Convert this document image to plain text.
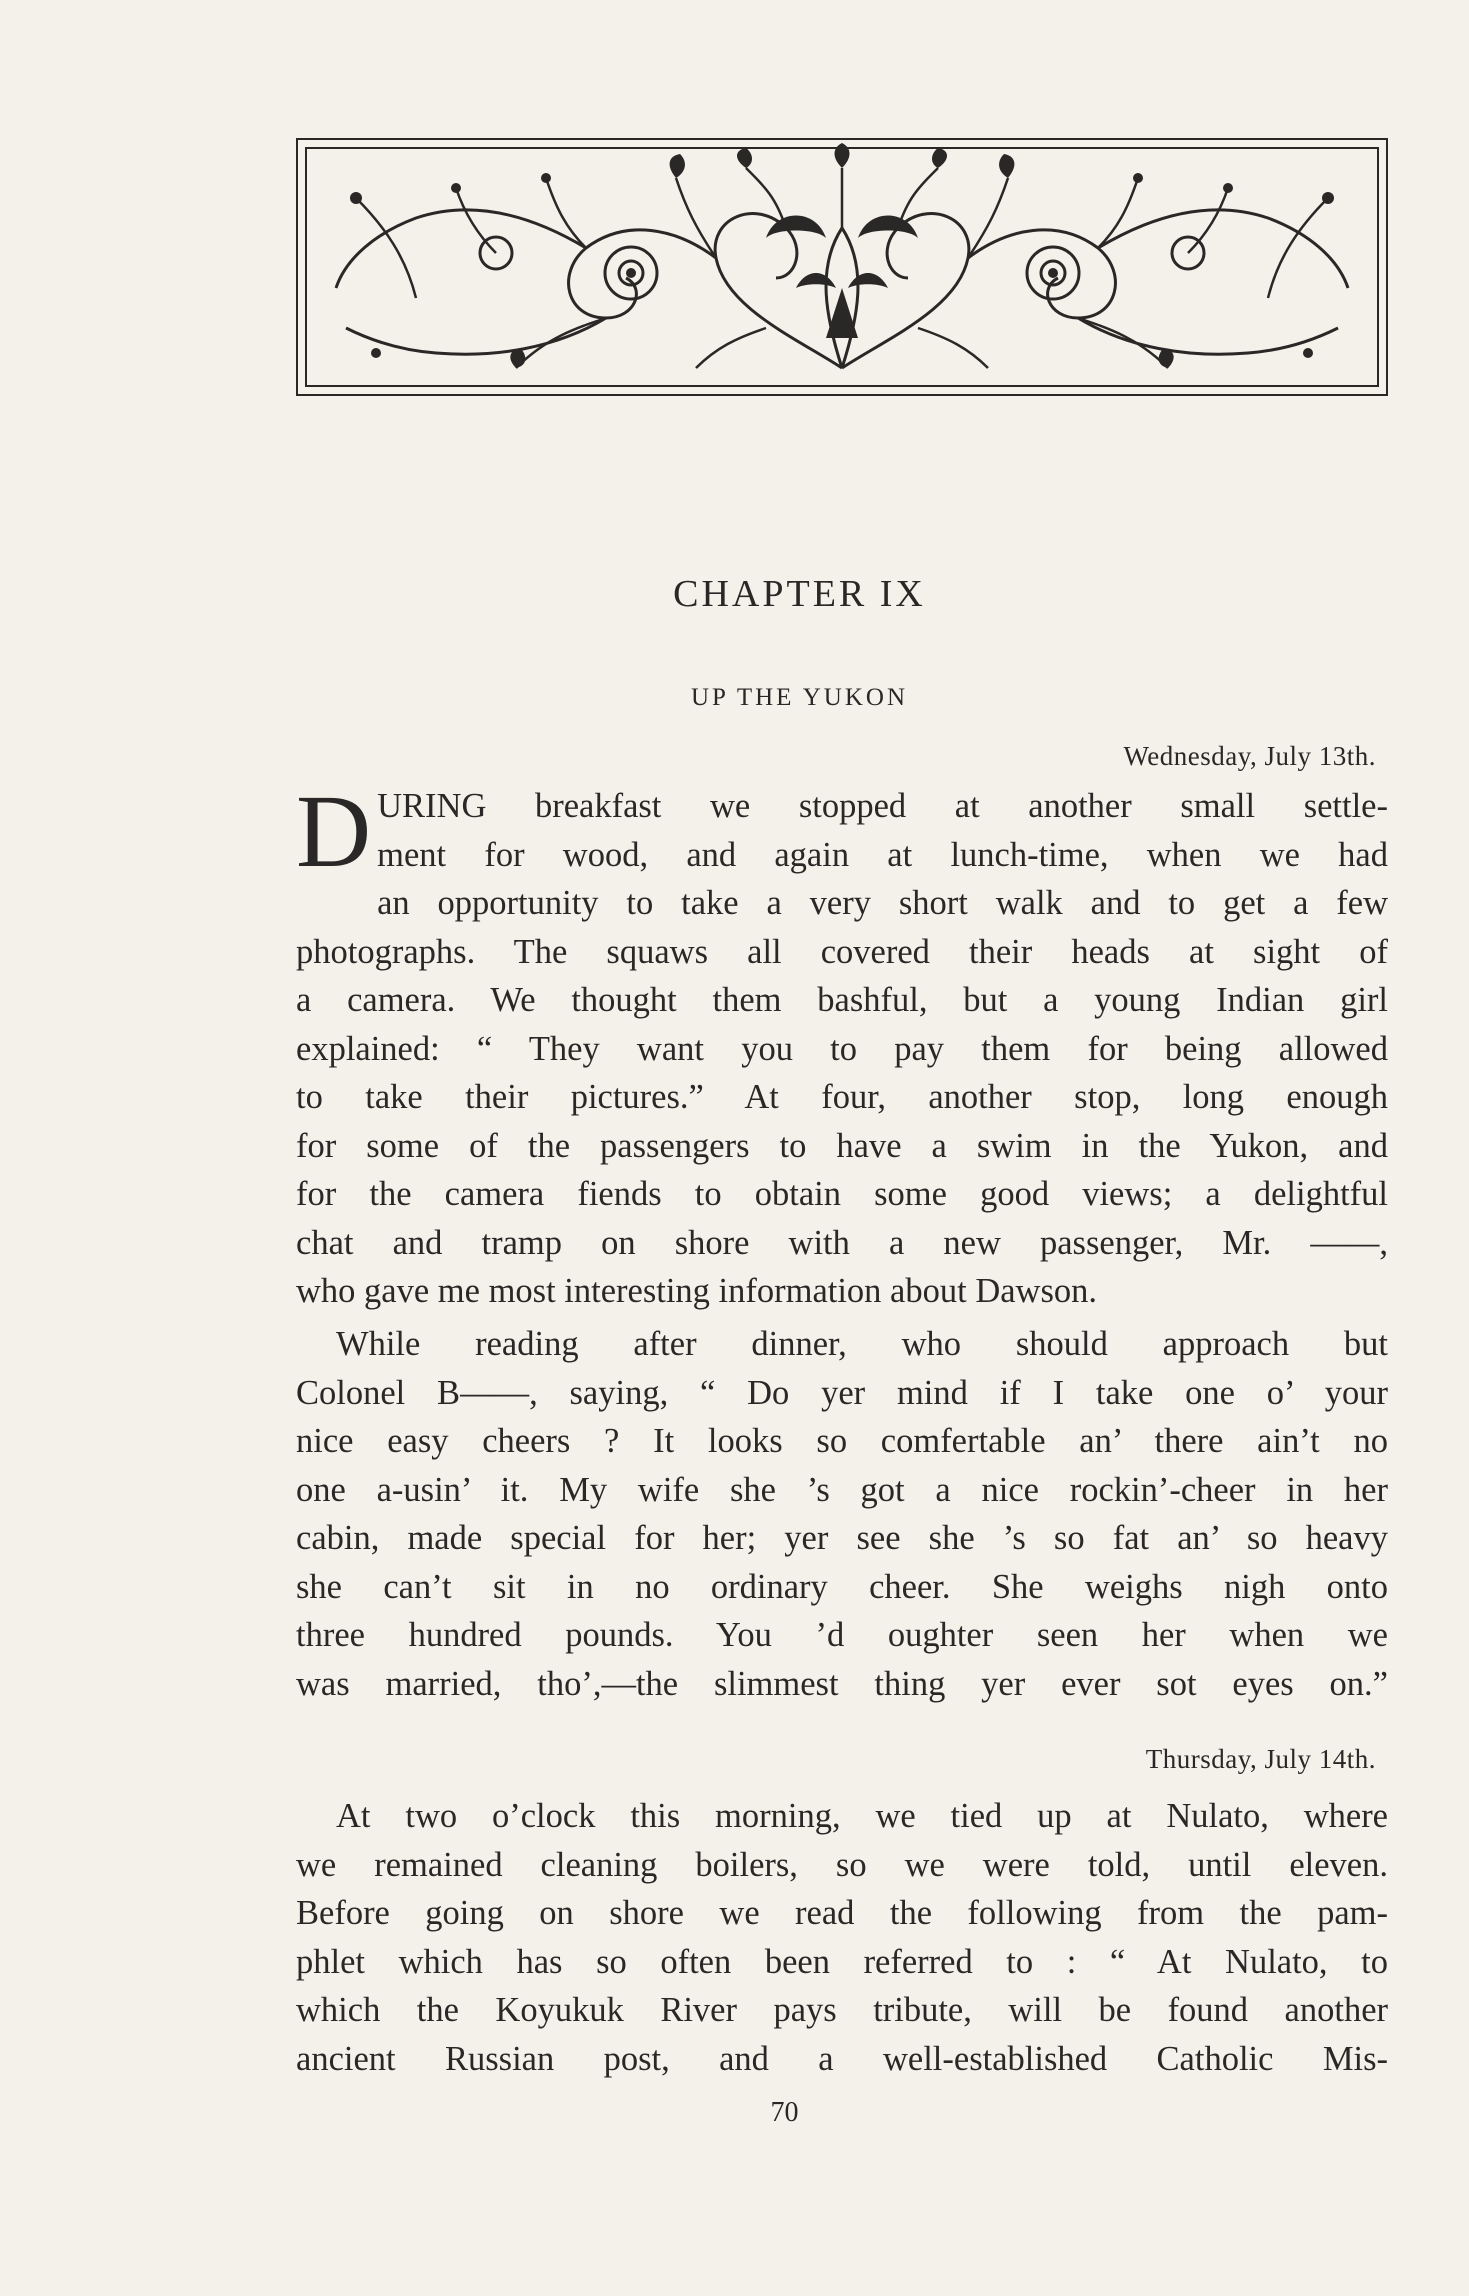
CHAPTER IX
UP THE YUKON
Wednesday, July 13th.
D URING breakfast we stopped at another small settle-
ment for wood, and again at lunch-time, when we had
an opportunity to take a very short walk and to get a few
photographs. The squaws all covered their heads at sight of
a camera. We thought them bashful, but a young Indian girl
explained: “ They want you to pay them for being allowed
to take their pictures.” At four, another stop, long enough
for some of the passengers to have a swim in the Yukon, and
for the camera fiends to obtain some good views; a delightful
chat and tramp on shore with a new passenger, Mr. ——,
who gave me most interesting information about Dawson.
While reading after dinner, who should approach but
Colonel B——, saying, “ Do yer mind if I take one o’ your
nice easy cheers ? It looks so comfertable an’ there ain’t no
one a-usin’ it. My wife she ’s got a nice rockin’-cheer in her
cabin, made special for her; yer see she ’s so fat an’ so heavy
she can’t sit in no ordinary cheer. She weighs nigh onto
three hundred pounds. You ’d oughter seen her when we
was married, tho’,—the slimmest thing yer ever sot eyes on.”
Thursday, July 14th.
At two o’clock this morning, we tied up at Nulato, where
we remained cleaning boilers, so we were told, until eleven.
Before going on shore we read the following from the pam-
phlet which has so often been referred to : “ At Nulato, to
which the Koyukuk River pays tribute, will be found another
ancient Russian post, and a well-established Catholic Mis-
70
